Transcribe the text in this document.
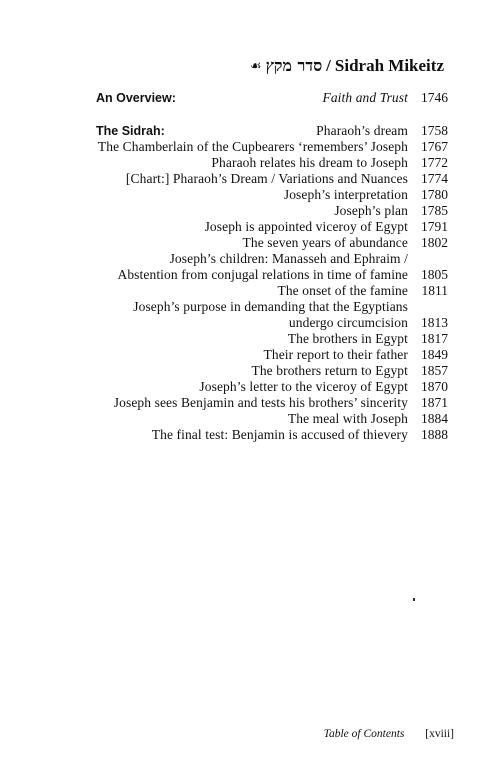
☙ סדר מקץ / Sidrah Mikeitz
An Overview:	Faith and Trust 1746
The Sidrah:	Pharaoh’s dream 1758
The Chamberlain of the Cupbearers ‘remembers’ Joseph 1767
Pharaoh relates his dream to Joseph 1772
[Chart:] Pharaoh’s Dream / Variations and Nuances 1774
Joseph’s interpretation 1780
Joseph’s plan 1785
Joseph is appointed viceroy of Egypt 1791
The seven years of abundance 1802
Joseph’s children: Manasseh and Ephraim /
Abstention from conjugal relations in time of famine 1805
The onset of the famine	1811
Joseph’s purpose in demanding that the Egyptians
undergo circumcision 1813
The brothers in Egypt 1817
Their report to their father 1849
The brothers return to Egypt 1857
Joseph’s letter to the viceroy of Egypt 1870
Joseph sees Benjamin and tests his brothers’ sincerity 1871
The meal with Joseph 1884
The final test: Benjamin is accused of thievery 1888
Table of Contents [xviii]
